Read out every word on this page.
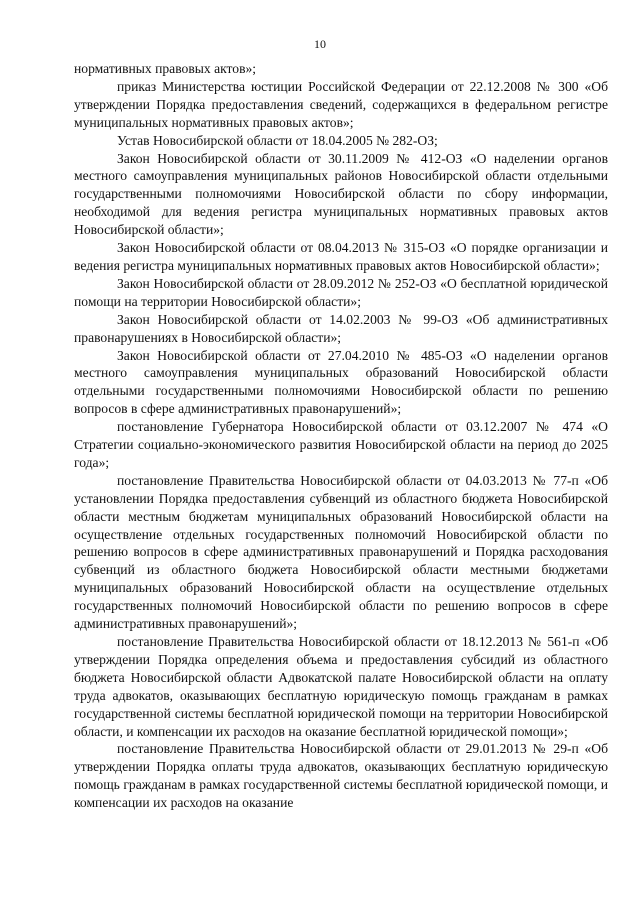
10

нормативных правовых актов»;

приказ Министерства юстиции Российской Федерации от 22.12.2008 № 300 «Об утверждении Порядка предоставления сведений, содержащихся в федеральном регистре муниципальных нормативных правовых актов»;

Устав Новосибирской области от 18.04.2005 № 282-ОЗ;

Закон Новосибирской области от 30.11.2009 № 412-ОЗ «О наделении органов местного самоуправления муниципальных районов Новосибирской области отдельными государственными полномочиями Новосибирской области по сбору информации, необходимой для ведения регистра муниципальных нормативных правовых актов Новосибирской области»;

Закон Новосибирской области от 08.04.2013 № 315-ОЗ «О порядке организации и ведения регистра муниципальных нормативных правовых актов Новосибирской области»;

Закон Новосибирской области от 28.09.2012 № 252-ОЗ «О бесплатной юридической помощи на территории Новосибирской области»;

Закон Новосибирской области от 14.02.2003 № 99-ОЗ «Об административных правонарушениях в Новосибирской области»;

Закон Новосибирской области от 27.04.2010 № 485-ОЗ «О наделении органов местного самоуправления муниципальных образований Новосибирской области отдельными государственными полномочиями Новосибирской области по решению вопросов в сфере административных правонарушений»;

постановление Губернатора Новосибирской области от 03.12.2007 № 474 «О Стратегии социально-экономического развития Новосибирской области на период до 2025 года»;

постановление Правительства Новосибирской области от 04.03.2013 № 77-п «Об установлении Порядка предоставления субвенций из областного бюджета Новосибирской области местным бюджетам муниципальных образований Новосибирской области на осуществление отдельных государственных полномочий Новосибирской области по решению вопросов в сфере административных правонарушений и Порядка расходования субвенций из областного бюджета Новосибирской области местными бюджетами муниципальных образований Новосибирской области на осуществление отдельных государственных полномочий Новосибирской области по решению вопросов в сфере административных правонарушений»;

постановление Правительства Новосибирской области от 18.12.2013 № 561-п «Об утверждении Порядка определения объема и предоставления субсидий из областного бюджета Новосибирской области Адвокатской палате Новосибирской области на оплату труда адвокатов, оказывающих бесплатную юридическую помощь гражданам в рамках государственной системы бесплатной юридической помощи на территории Новосибирской области, и компенсации их расходов на оказание бесплатной юридической помощи»;

постановление Правительства Новосибирской области от 29.01.2013 № 29-п «Об утверждении Порядка оплаты труда адвокатов, оказывающих бесплатную юридическую помощь гражданам в рамках государственной системы бесплатной юридической помощи, и компенсации их расходов на оказание
